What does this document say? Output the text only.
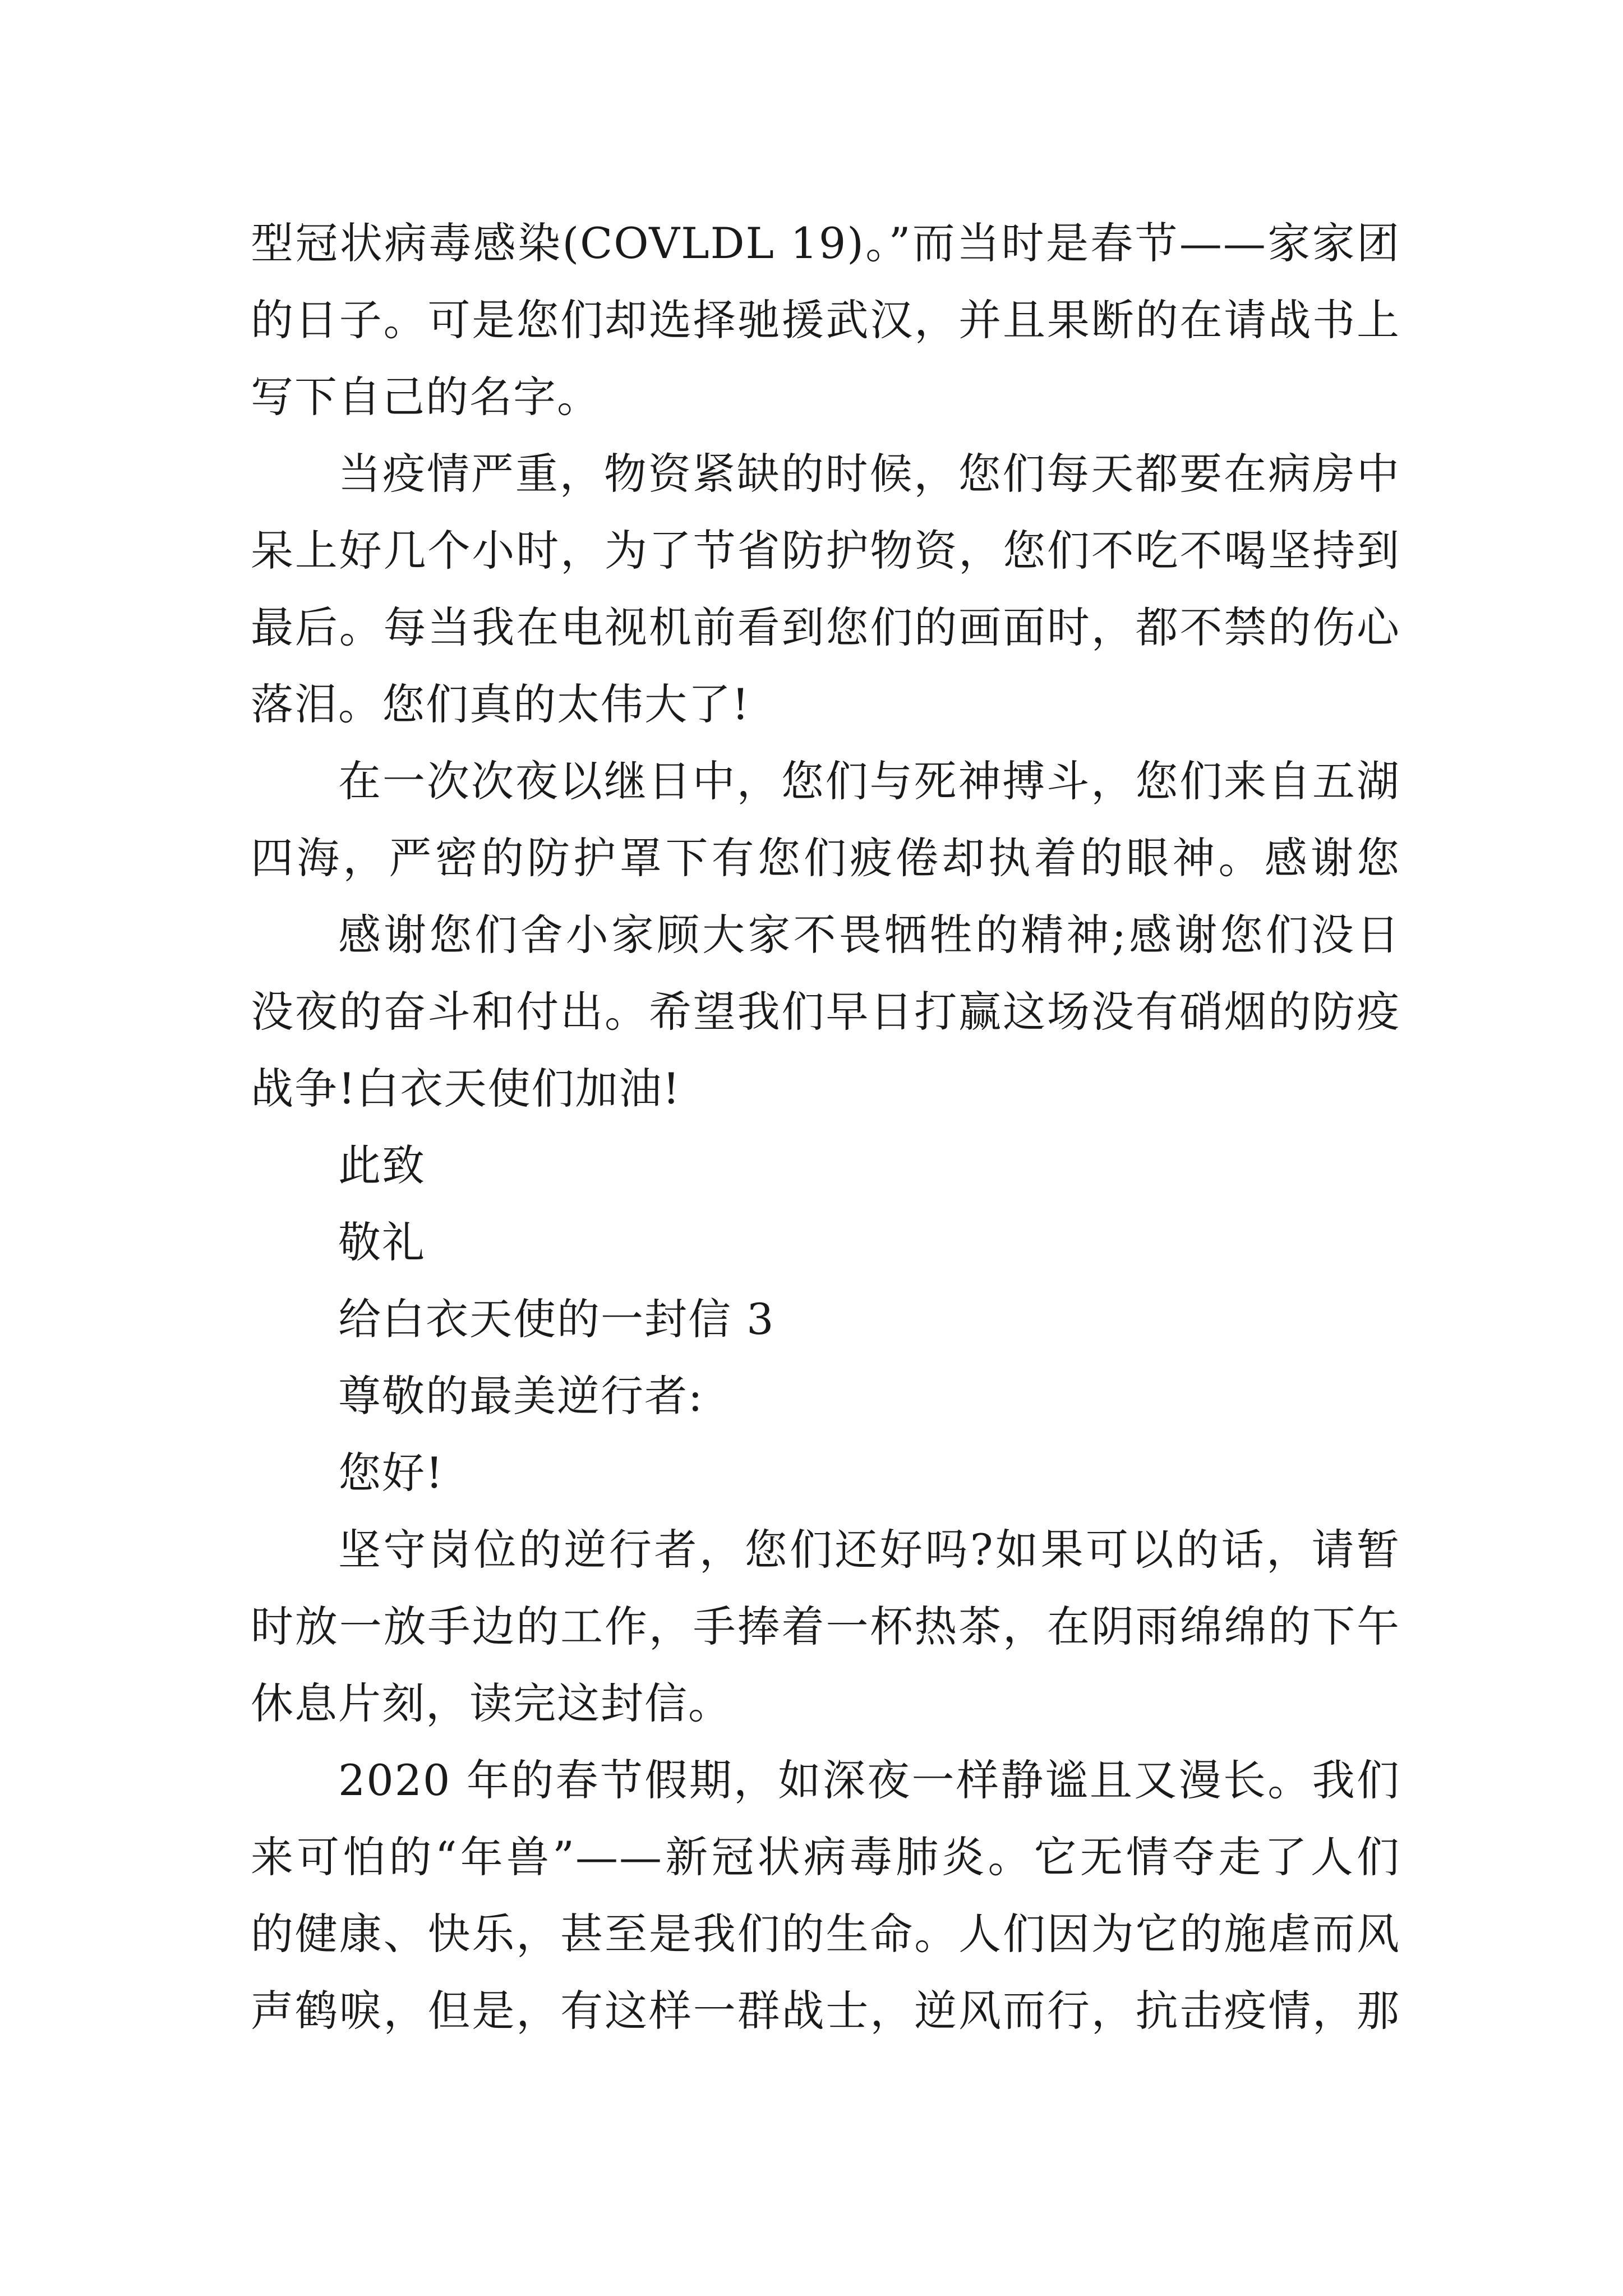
型冠状病毒感染(COVLDL 19)。”而当时是春节——家家团
的日子。可是您们却选择驰援武汉，并且果断的在请战书上
写下自己的名字。
当疫情严重，物资紧缺的时候，您们每天都要在病房中
呆上好几个小时，为了节省防护物资，您们不吃不喝坚持到
最后。每当我在电视机前看到您们的画面时，都不禁的伤心
落泪。您们真的太伟大了!
在一次次夜以继日中，您们与死神搏斗，您们来自五湖
四海，严密的防护罩下有您们疲倦却执着的眼神。感谢您
感谢您们舍小家顾大家不畏牺牲的精神;感谢您们没日
没夜的奋斗和付出。希望我们早日打赢这场没有硝烟的防疫
战争!白衣天使们加油!
此致
敬礼
给白衣天使的一封信 3
尊敬的最美逆行者:
您好!
坚守岗位的逆行者，您们还好吗?如果可以的话，请暂
时放一放手边的工作，手捧着一杯热茶，在阴雨绵绵的下午
休息片刻，读完这封信。
2020 年的春节假期，如深夜一样静谧且又漫长。我们
来可怕的“年兽”——新冠状病毒肺炎。它无情夺走了人们
的健康、快乐，甚至是我们的生命。人们因为它的施虐而风
声鹤唳，但是，有这样一群战士，逆风而行，抗击疫情，那
